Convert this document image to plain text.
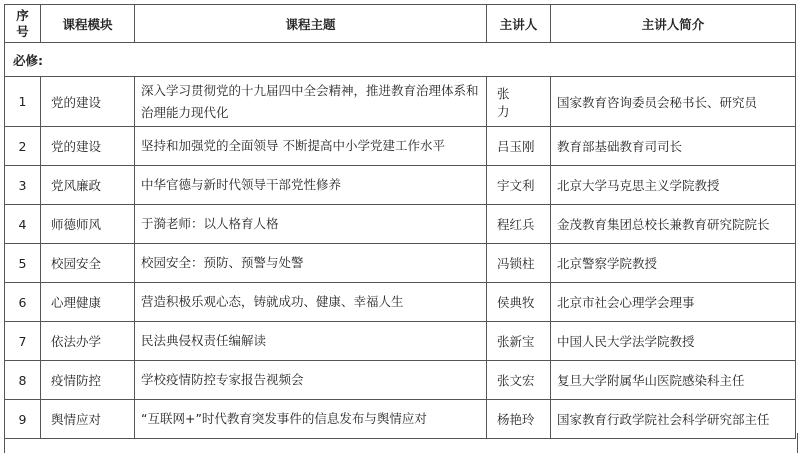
序
号	课程模块	课程主题	主讲人	主讲人简介
必修:				
1	党的建设	深入学习贯彻党的十九届四中全会精神，推进教育治理体系和治理能力现代化	张 力	国家教育咨询委员会秘书长、研究员
2	党的建设	坚持和加强党的全面领导 不断提高中小学党建工作水平	吕玉刚	教育部基础教育司司长
3	党风廉政	中华官德与新时代领导干部党性修养	宇文利	北京大学马克思主义学院教授
4	师德师风	于漪老师：以人格育人格	程红兵	金茂教育集团总校长兼教育研究院院长
5	校园安全	校园安全：预防、预警与处警	冯锁柱	北京警察学院教授
6	心理健康	营造积极乐观心态，铸就成功、健康、幸福人生	侯典牧	北京市社会心理学会理事
7	依法办学	民法典侵权责任编解读	张新宝	中国人民大学法学院教授
8	疫情防控	学校疫情防控专家报告视频会	张文宏	复旦大学附属华山医院感染科主任
9	舆情应对	“互联网+”时代教育突发事件的信息发布与舆情应对	杨艳玲	国家教育行政学院社会科学研究部主任
